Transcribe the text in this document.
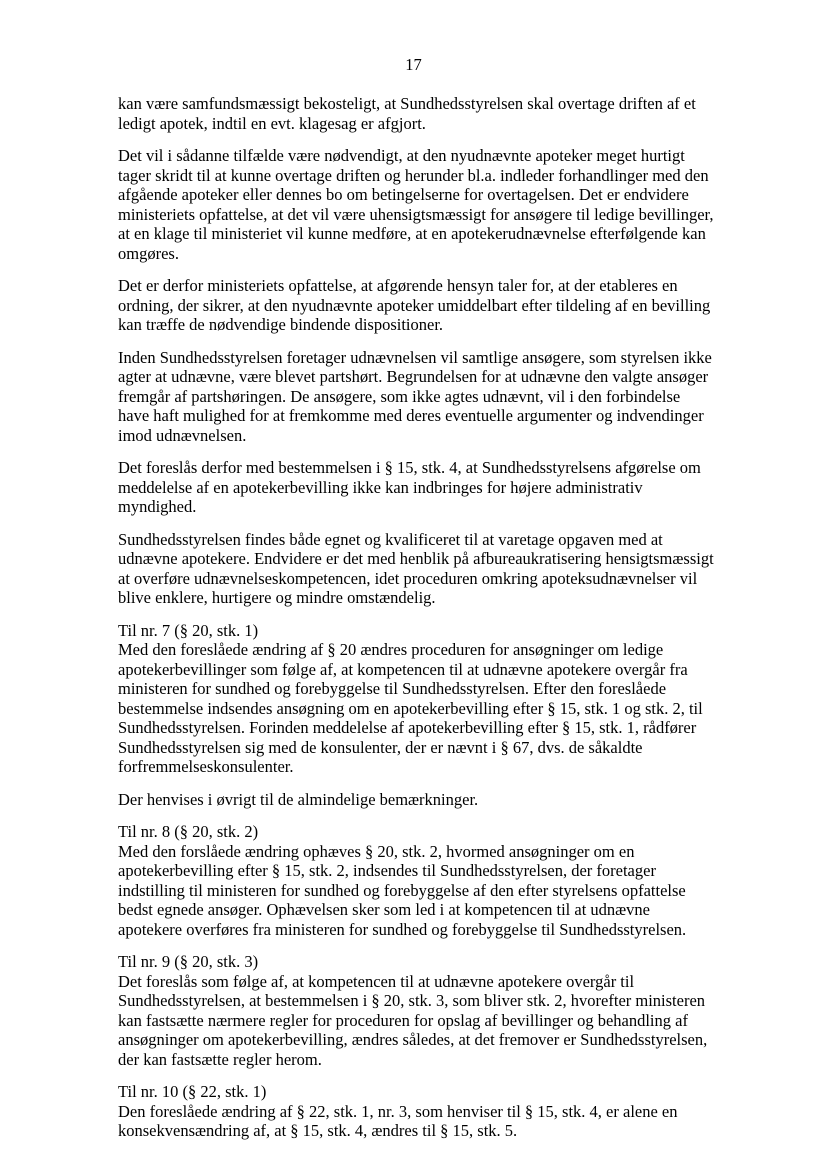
17
kan være samfundsmæssigt bekosteligt, at Sundhedsstyrelsen skal overtage driften af et ledigt apotek, indtil en evt. klagesag er afgjort.
Det vil i sådanne tilfælde være nødvendigt, at den nyudnævnte apoteker meget hurtigt tager skridt til at kunne overtage driften og herunder bl.a. indleder forhandlinger med den afgående apoteker eller dennes bo om betingelserne for overtagelsen. Det er endvidere ministeriets opfattelse, at det vil være uhensigtsmæssigt for ansøgere til ledige bevillinger, at en klage til ministeriet vil kunne medføre, at en apotekerudnævnelse efterfølgende kan omgøres.
Det er derfor ministeriets opfattelse, at afgørende hensyn taler for, at der etableres en ordning, der sikrer, at den nyudnævnte apoteker umiddelbart efter tildeling af en bevilling kan træffe de nødvendige bindende dispositioner.
Inden Sundhedsstyrelsen foretager udnævnelsen vil samtlige ansøgere, som styrelsen ikke agter at udnævne, være blevet partshørt. Begrundelsen for at udnævne den valgte ansøger fremgår af partshøringen. De ansøgere, som ikke agtes udnævnt, vil i den forbindelse have haft mulighed for at fremkomme med deres eventuelle argumenter og indvendinger imod udnævnelsen.
Det foreslås derfor med bestemmelsen i § 15, stk. 4, at Sundhedsstyrelsens afgørelse om meddelelse af en apotekerbevilling ikke kan indbringes for højere administrativ myndighed.
Sundhedsstyrelsen findes både egnet og kvalificeret til at varetage opgaven med at udnævne apotekere. Endvidere er det med henblik på afbureaukratisering hensigtsmæssigt at overføre udnævnelseskompetencen, idet proceduren omkring apoteksudnævnelser vil blive enklere, hurtigere og mindre omstændelig.
Til nr. 7 (§ 20, stk. 1)
Med den foreslåede ændring af § 20 ændres proceduren for ansøgninger om ledige apotekerbevillinger som følge af, at kompetencen til at udnævne apotekere overgår fra ministeren for sundhed og forebyggelse til Sundhedsstyrelsen. Efter den foreslåede bestemmelse indsendes ansøgning om en apotekerbevilling efter § 15, stk. 1 og stk. 2, til Sundhedsstyrelsen. Forinden meddelelse af apotekerbevilling efter § 15, stk. 1, rådfører Sundhedsstyrelsen sig med de konsulenter, der er nævnt i § 67, dvs. de såkaldte forfremmelseskonsulenter.
Der henvises i øvrigt til de almindelige bemærkninger.
Til nr. 8 (§ 20, stk. 2)
Med den forslåede ændring ophæves § 20, stk. 2, hvormed ansøgninger om en apotekerbevilling efter § 15, stk. 2, indsendes til Sundhedsstyrelsen, der foretager indstilling til ministeren for sundhed og forebyggelse af den efter styrelsens opfattelse bedst egnede ansøger. Ophævelsen sker som led i at kompetencen til at udnævne apotekere overføres fra ministeren for sundhed og forebyggelse til Sundhedsstyrelsen.
Til nr. 9 (§ 20, stk. 3)
Det foreslås som følge af, at kompetencen til at udnævne apotekere overgår til Sundhedsstyrelsen, at bestemmelsen i § 20, stk. 3, som bliver stk. 2, hvorefter ministeren kan fastsætte nærmere regler for proceduren for opslag af bevillinger og behandling af ansøgninger om apotekerbevilling, ændres således, at det fremover er Sundhedsstyrelsen, der kan fastsætte regler herom.
Til nr. 10 (§ 22, stk. 1)
Den foreslåede ændring af § 22, stk. 1, nr. 3, som henviser til § 15, stk. 4, er alene en konsekvensændring af, at § 15, stk. 4, ændres til § 15, stk. 5.
